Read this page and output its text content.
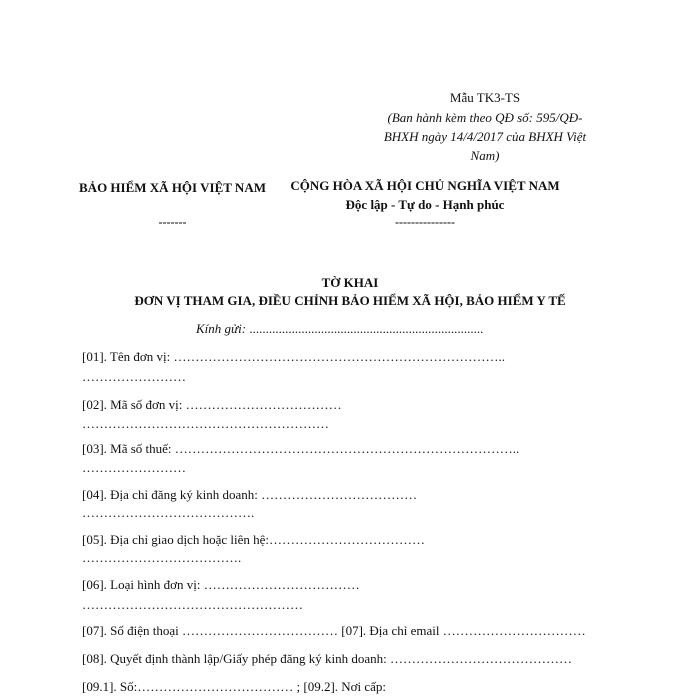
Mẫu TK3-TS
(Ban hành kèm theo QĐ số: 595/QĐ-BHXH ngày 14/4/2017 của BHXH Việt Nam)
BẢO HIỂM XÃ HỘI VIỆT NAM
-------
CỘNG HÒA XÃ HỘI CHỦ NGHĨA VIỆT NAM
Độc lập - Tự do - Hạnh phúc
---------------
TỜ KHAI
ĐƠN VỊ THAM GIA, ĐIỀU CHỈNH BẢO HIỂM XÃ HỘI, BẢO HIỂM Y TẾ
Kính gửi: ........................................................................
[01]. Tên đơn vị: …………………………………………………………………..
……………………
[02]. Mã số đơn vị: ………………………………
…………………………………………………
[03]. Mã số thuế: ……………………………………………………………………..
……………………
[04]. Địa chỉ đăng ký kinh doanh: ………………………………
………………………………….
[05]. Địa chỉ giao dịch hoặc liên hệ:………………………………
……………………………….
[06]. Loại hình đơn vị: ………………………………
……………………………………………
[07]. Số điện thoại ……………………………… [07]. Địa chỉ email ……………………………
[08]. Quyết định thành lập/Giấy phép đăng ký kinh doanh: ……………………………………
[09.1]. Số:……………………………… ; [09.2]. Nơi cấp:
